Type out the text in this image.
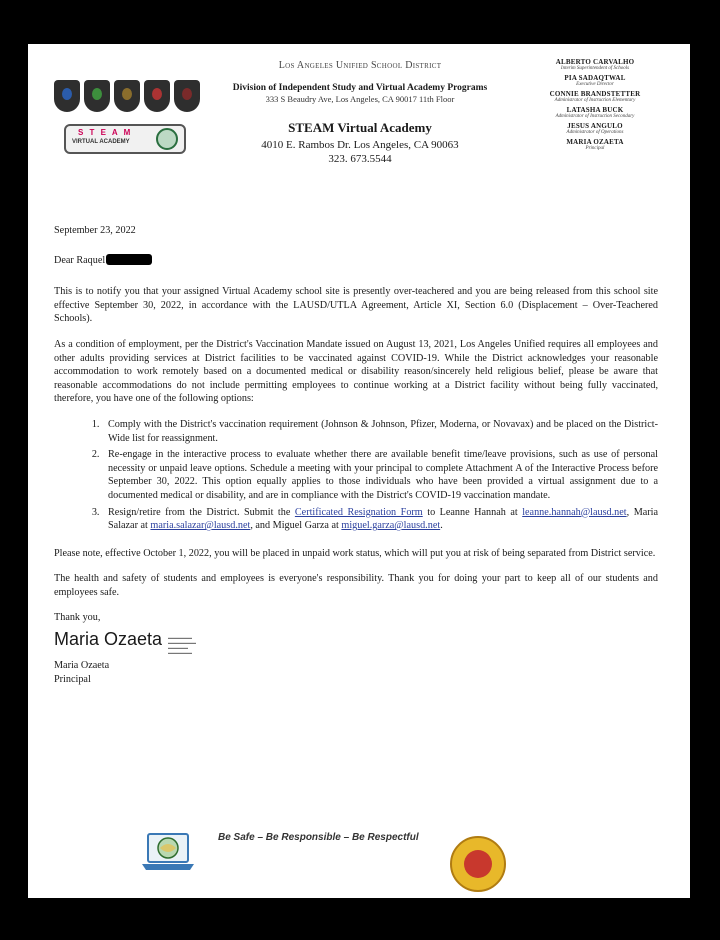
S T E A M
VIRTUAL ACADEMY
Los Angeles Unified School District
Division of Independent Study and Virtual Academy Programs
333 S Beaudry Ave, Los Angeles, CA 90017 11th Floor
STEAM Virtual Academy
4010 E. Rambos Dr. Los Angeles, CA 90063
323. 673.5544
ALBERTO CARVALHO
Interim Superintendent of Schools
PIA SADAQTWAL
Executive Director
CONNIE BRANDSTETTER
Administrator of Instruction Elementary
LATASHA BUCK
Administrator of Instruction Secondary
JESUS ANGULO
Administrator of Operations
MARIA OZAETA
Principal
September 23, 2022
Dear Raquel
This is to notify you that your assigned Virtual Academy school site is presently over-teachered and you are being released from this school site effective September 30, 2022, in accordance with the LAUSD/UTLA Agreement, Article XI, Section 6.0 (Displacement – Over-Teachered Schools).
As a condition of employment, per the District's Vaccination Mandate issued on August 13, 2021, Los Angeles Unified requires all employees and other adults providing services at District facilities to be vaccinated against COVID-19. While the District acknowledges your reasonable accommodation to work remotely based on a documented medical or disability reason/sincerely held religious belief, please be aware that reasonable accommodations do not include permitting employees to continue working at a District facility without being fully vaccinated, therefore, you have one of the following options:
1. Comply with the District's vaccination requirement (Johnson & Johnson, Pfizer, Moderna, or Novavax) and be placed on the District-Wide list for reassignment.
2. Re-engage in the interactive process to evaluate whether there are available benefit time/leave provisions, such as use of personal necessity or unpaid leave options. Schedule a meeting with your principal to complete Attachment A of the Interactive Process before September 30, 2022. This option equally applies to those individuals who have been provided a virtual assignment due to a documented medical or disability, and are in compliance with the District's COVID-19 vaccination mandate.
3. Resign/retire from the District. Submit the Certificated Resignation Form to Leanne Hannah at leanne.hannah@lausd.net, Maria Salazar at maria.salazar@lausd.net, and Miguel Garza at miguel.garza@lausd.net.
Please note, effective October 1, 2022, you will be placed in unpaid work status, which will put you at risk of being separated from District service.
The health and safety of students and employees is everyone's responsibility. Thank you for doing your part to keep all of our students and employees safe.
Thank you,
Maria Ozaeta ▬▬▬▬▬▬
▬▬▬▬▬▬▬
▬▬▬▬▬
▬▬▬▬▬▬
Maria Ozaeta
Principal
Be Safe – Be Responsible – Be Respectful
